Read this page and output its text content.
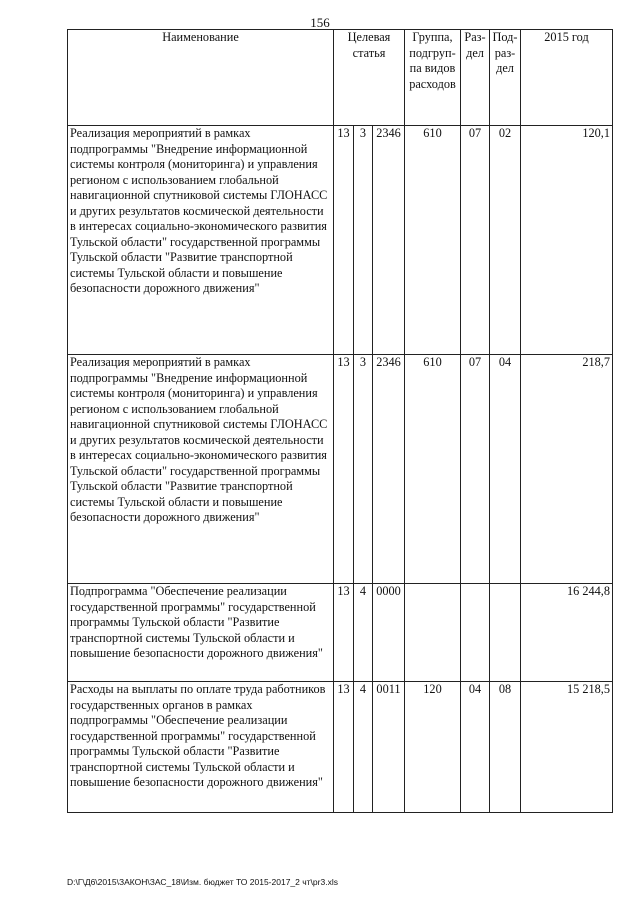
156
Наименование	Целевая статья			Группа, подгруп-па видов расходов	Раз-дел	Под-раз-дел	2015 год
Реализация мероприятий в рамках подпрограммы "Внедрение информационной системы контроля (мониторинга) и управления регионом с использованием глобальной навигационной спутниковой системы ГЛОНАСС и других результатов космической деятельности в интересах социально-экономического развития Тульской области" государственной программы Тульской области "Развитие транспортной системы Тульской области и повышение безопасности дорожного движения"	13	3	2346	610	07	02	120,1
Реализация мероприятий в рамках подпрограммы "Внедрение информационной системы контроля (мониторинга) и управления регионом с использованием глобальной навигационной спутниковой системы ГЛОНАСС и других результатов космической деятельности в интересах социально-экономического развития Тульской области" государственной программы Тульской области "Развитие транспортной системы Тульской области и повышение безопасности дорожного движения"	13	3	2346	610	07	04	218,7
Подпрограмма "Обеспечение реализации государственной программы" государственной программы Тульской области "Развитие транспортной системы Тульской области и повышение безопасности дорожного движения"	13	4	0000				16 244,8
Расходы на выплаты по оплате труда работников государственных органов в рамках подпрограммы "Обеспечение реализации государственной программы" государственной программы Тульской области "Развитие транспортной системы Тульской области и повышение безопасности дорожного движения"	13	4	0011	120	04	08	15 218,5
D:\Г\Д6\2015\ЗАКОН\ЗАС_18\Изм. бюджет ТО 2015-2017_2 чт\pr3.xls
